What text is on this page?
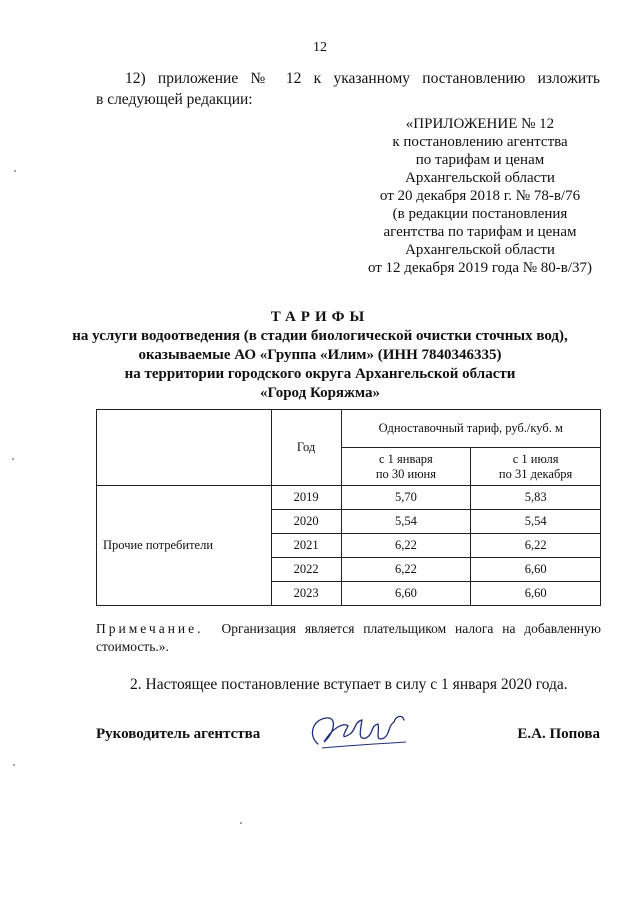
12
12) приложение № 12 к указанному постановлению изложить
в следующей редакции:
«ПРИЛОЖЕНИЕ № 12
к постановлению агентства
по тарифам и ценам
Архангельской области
от 20 декабря 2018 г. № 78-в/76
(в редакции постановления
агентства по тарифам и ценам
Архангельской области
от 12 декабря 2019 года № 80-в/37)
ТАРИФЫ
на услуги водоотведения (в стадии биологической очистки сточных вод),
оказываемые АО «Группа «Илим» (ИНН 7840346335)
на территории городского округа Архангельской области
«Город Коряжма»
	Год	Одноставочный тариф, руб./куб. м	
		с 1 января
по 30 июня	с 1 июля
по 31 декабря
Прочие потребители	2019	5,70	5,83
	2020	5,54	5,54
	2021	6,22	6,22
	2022	6,22	6,60
	2023	6,60	6,60
Примечание. Организация является плательщиком налога на добавленную стоимость.».
2. Настоящее постановление вступает в силу с 1 января 2020 года.
Руководитель агентства	Е.А. Попова
